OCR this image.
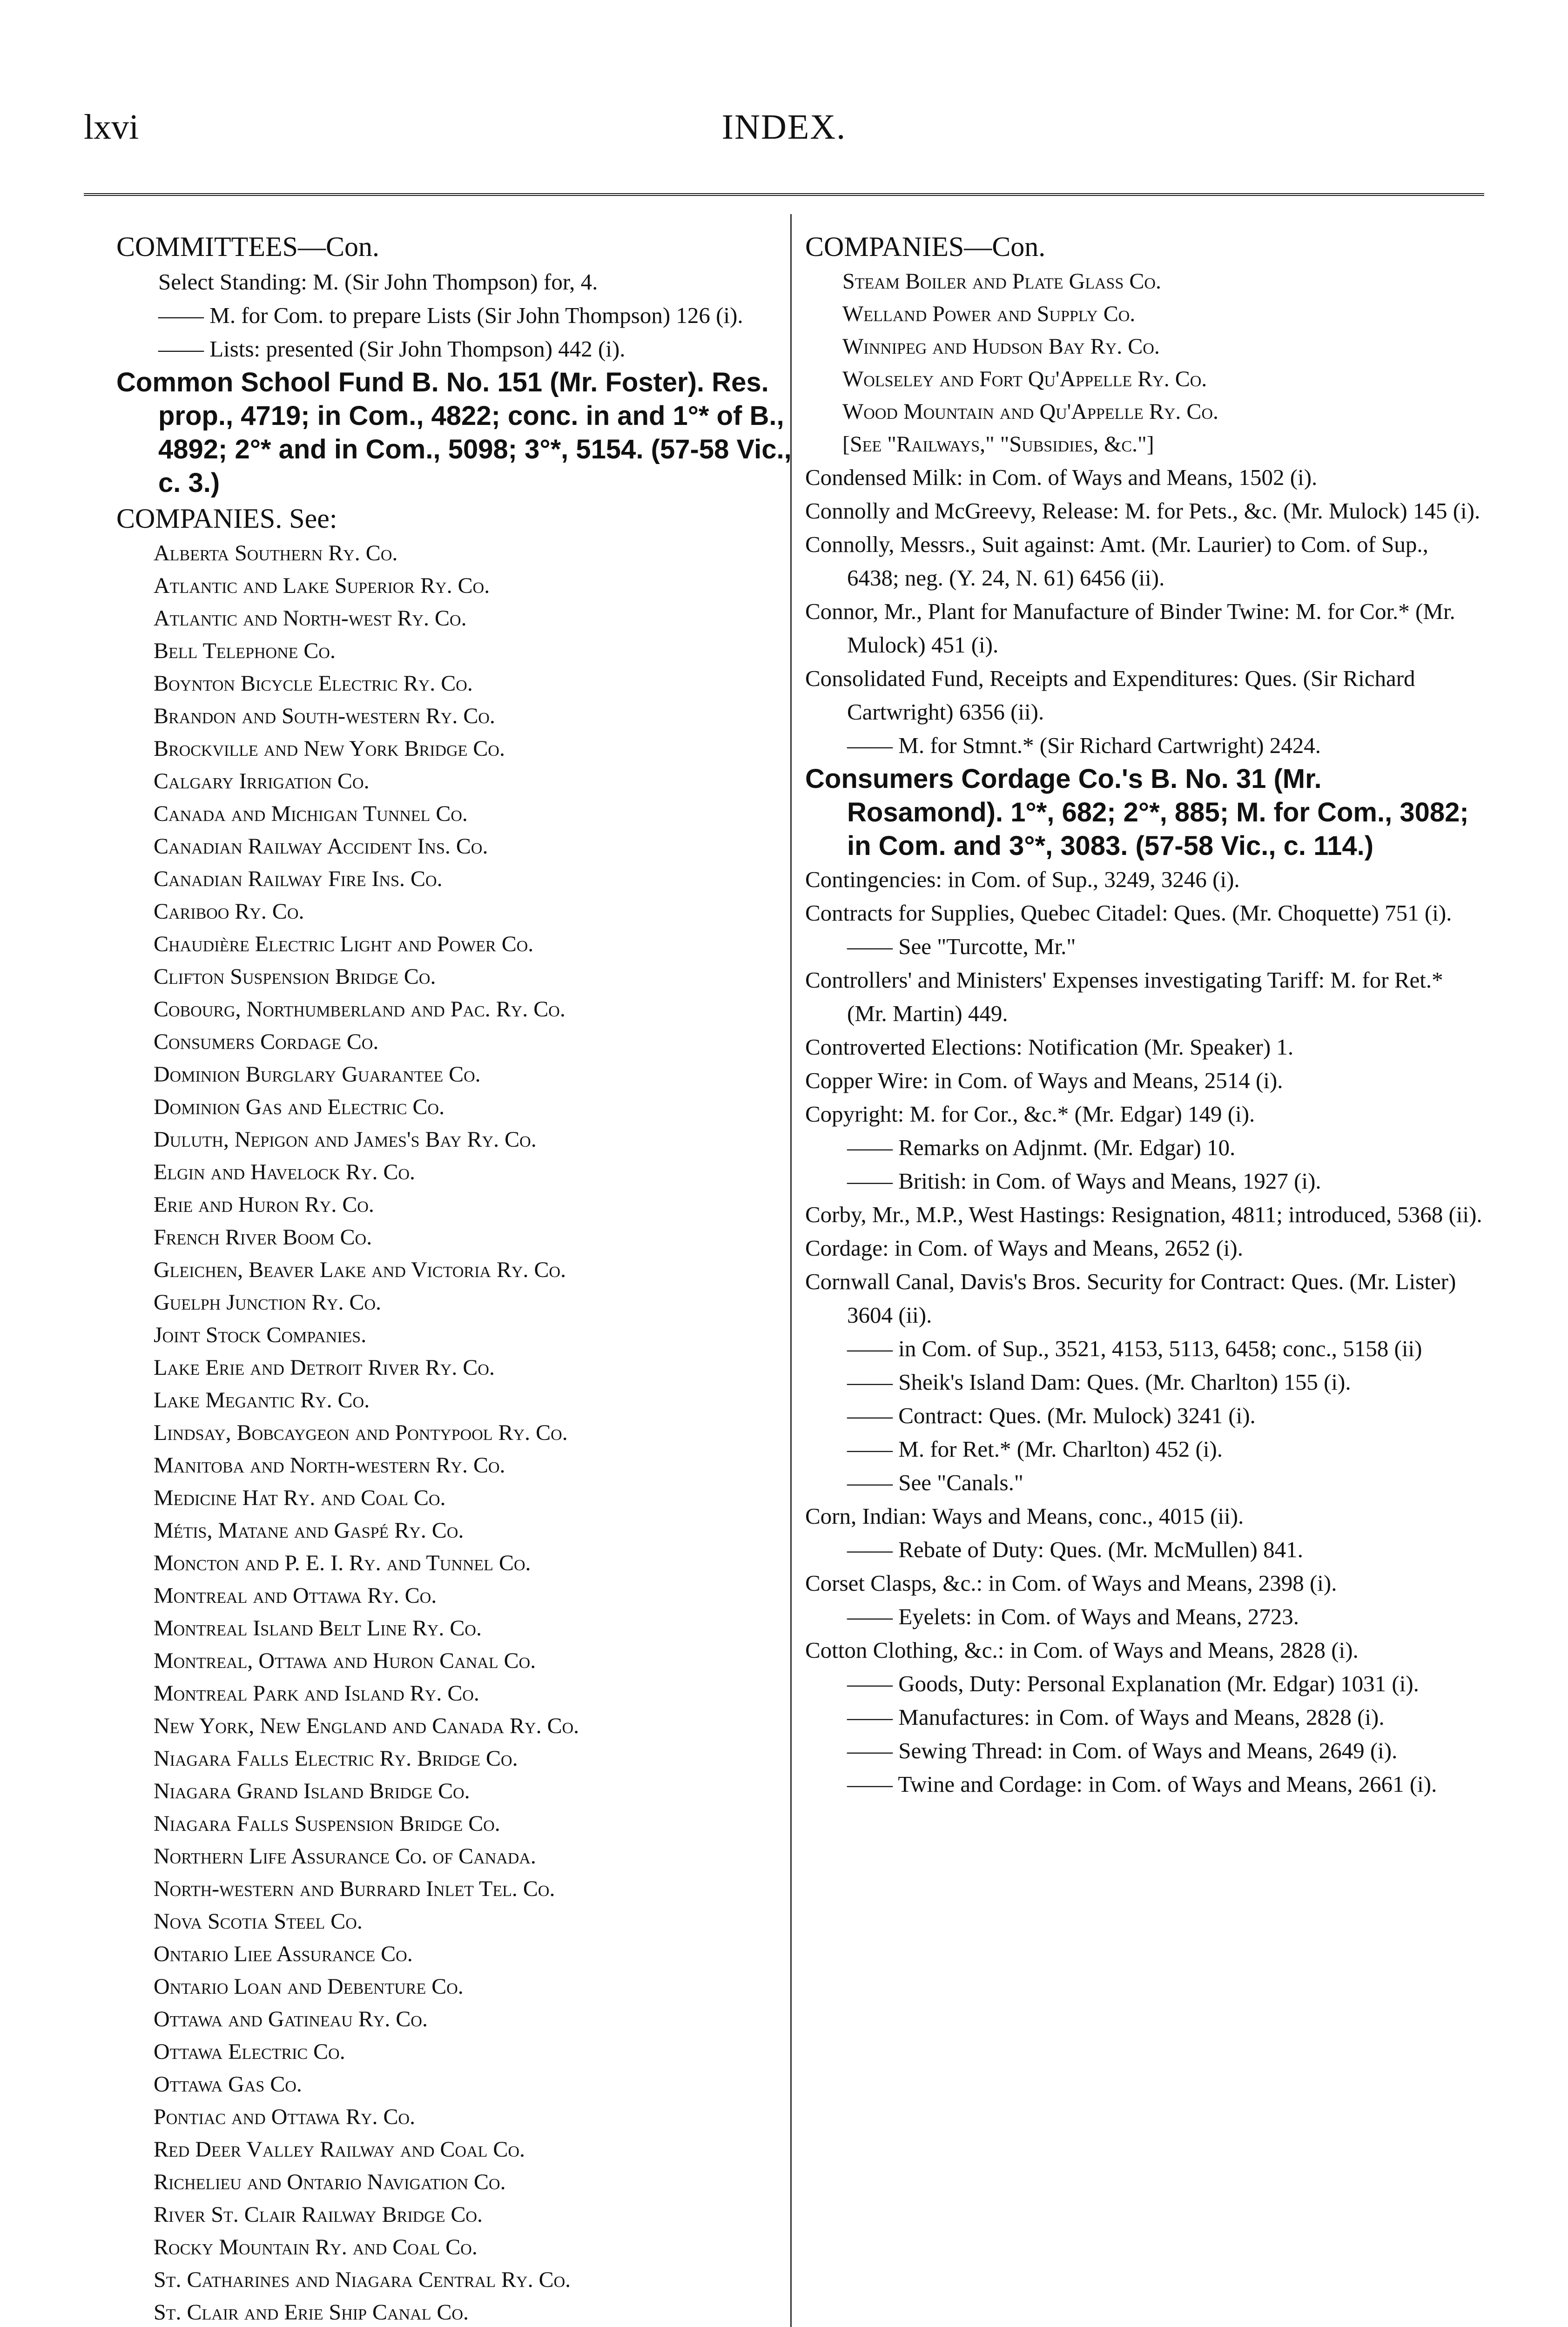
lxvi	INDEX.

COMMITTEES—Con.

Select Standing: M. (Sir John Thompson) for, 4.

—— M. for Com. to prepare Lists (Sir John Thompson) 126 (i).

—— Lists: presented (Sir John Thompson) 442 (i).

Common School Fund B. No. 151 (Mr. Foster). Res. prop., 4719; in Com., 4822; conc. in and 1°* of B., 4892; 2°* and in Com., 5098; 3°*, 5154. (57-58 Vic., c. 3.)

COMPANIES. See:

Alberta Southern Ry. Co.

Atlantic and Lake Superior Ry. Co.

Atlantic and North-west Ry. Co.

Bell Telephone Co.

Boynton Bicycle Electric Ry. Co.

Brandon and South-western Ry. Co.

Brockville and New York Bridge Co.

Calgary Irrigation Co.

Canada and Michigan Tunnel Co.

Canadian Railway Accident Ins. Co.

Canadian Railway Fire Ins. Co.

Cariboo Ry. Co.

Chaudière Electric Light and Power Co.

Clifton Suspension Bridge Co.

Cobourg, Northumberland and Pac. Ry. Co.

Consumers Cordage Co.

Dominion Burglary Guarantee Co.

Dominion Gas and Electric Co.

Duluth, Nepigon and James's Bay Ry. Co.

Elgin and Havelock Ry. Co.

Erie and Huron Ry. Co.

French River Boom Co.

Gleichen, Beaver Lake and Victoria Ry. Co.

Guelph Junction Ry. Co.

Joint Stock Companies.

Lake Erie and Detroit River Ry. Co.

Lake Megantic Ry. Co.

Lindsay, Bobcaygeon and Pontypool Ry. Co.

Manitoba and North-western Ry. Co.

Medicine Hat Ry. and Coal Co.

Métis, Matane and Gaspé Ry. Co.

Moncton and P. E. I. Ry. and Tunnel Co.

Montreal and Ottawa Ry. Co.

Montreal Island Belt Line Ry. Co.

Montreal, Ottawa and Huron Canal Co.

Montreal Park and Island Ry. Co.

New York, New England and Canada Ry. Co.

Niagara Falls Electric Ry. Bridge Co.

Niagara Grand Island Bridge Co.

Niagara Falls Suspension Bridge Co.

Northern Life Assurance Co. of Canada.

North-western and Burrard Inlet Tel. Co.

Nova Scotia Steel Co.

Ontario Liee Assurance Co.

Ontario Loan and Debenture Co.

Ottawa and Gatineau Ry. Co.

Ottawa Electric Co.

Ottawa Gas Co.

Pontiac and Ottawa Ry. Co.

Red Deer Valley Railway and Coal Co.

Richelieu and Ontario Navigation Co.

River St. Clair Railway Bridge Co.

Rocky Mountain Ry. and Coal Co.

St. Catharines and Niagara Central Ry. Co.

St. Clair and Erie Ship Canal Co.

COMPANIES—Con.

Steam Boiler and Plate Glass Co.

Welland Power and Supply Co.

Winnipeg and Hudson Bay Ry. Co.

Wolseley and Fort Qu'Appelle Ry. Co.

Wood Mountain and Qu'Appelle Ry. Co.

[See "Railways," "Subsidies, &c."]

Condensed Milk: in Com. of Ways and Means, 1502 (i).

Connolly and McGreevy, Release: M. for Pets., &c. (Mr. Mulock) 145 (i).

Connolly, Messrs., Suit against: Amt. (Mr. Laurier) to Com. of Sup., 6438; neg. (Y. 24, N. 61) 6456 (ii).

Connor, Mr., Plant for Manufacture of Binder Twine: M. for Cor.* (Mr. Mulock) 451 (i).

Consolidated Fund, Receipts and Expenditures: Ques. (Sir Richard Cartwright) 6356 (ii).

—— M. for Stmnt.* (Sir Richard Cartwright) 2424.

Consumers Cordage Co.'s B. No. 31 (Mr. Rosamond). 1°*, 682; 2°*, 885; M. for Com., 3082; in Com. and 3°*, 3083. (57-58 Vic., c. 114.)

Contingencies: in Com. of Sup., 3249, 3246 (i).

Contracts for Supplies, Quebec Citadel: Ques. (Mr. Choquette) 751 (i).

—— See "Turcotte, Mr."

Controllers' and Ministers' Expenses investigating Tariff: M. for Ret.* (Mr. Martin) 449.

Controverted Elections: Notification (Mr. Speaker) 1.

Copper Wire: in Com. of Ways and Means, 2514 (i).

Copyright: M. for Cor., &c.* (Mr. Edgar) 149 (i).

—— Remarks on Adjnmt. (Mr. Edgar) 10.

—— British: in Com. of Ways and Means, 1927 (i).

Corby, Mr., M.P., West Hastings: Resignation, 4811; introduced, 5368 (ii).

Cordage: in Com. of Ways and Means, 2652 (i).

Cornwall Canal, Davis's Bros. Security for Contract: Ques. (Mr. Lister) 3604 (ii).

—— in Com. of Sup., 3521, 4153, 5113, 6458; conc., 5158 (ii)

—— Sheik's Island Dam: Ques. (Mr. Charlton) 155 (i).

—— Contract: Ques. (Mr. Mulock) 3241 (i).

—— M. for Ret.* (Mr. Charlton) 452 (i).

—— See "Canals."

Corn, Indian: Ways and Means, conc., 4015 (ii).

—— Rebate of Duty: Ques. (Mr. McMullen) 841.

Corset Clasps, &c.: in Com. of Ways and Means, 2398 (i).

—— Eyelets: in Com. of Ways and Means, 2723.

Cotton Clothing, &c.: in Com. of Ways and Means, 2828 (i).

—— Goods, Duty: Personal Explanation (Mr. Edgar) 1031 (i).

—— Manufactures: in Com. of Ways and Means, 2828 (i).

—— Sewing Thread: in Com. of Ways and Means, 2649 (i).

—— Twine and Cordage: in Com. of Ways and Means, 2661 (i).
